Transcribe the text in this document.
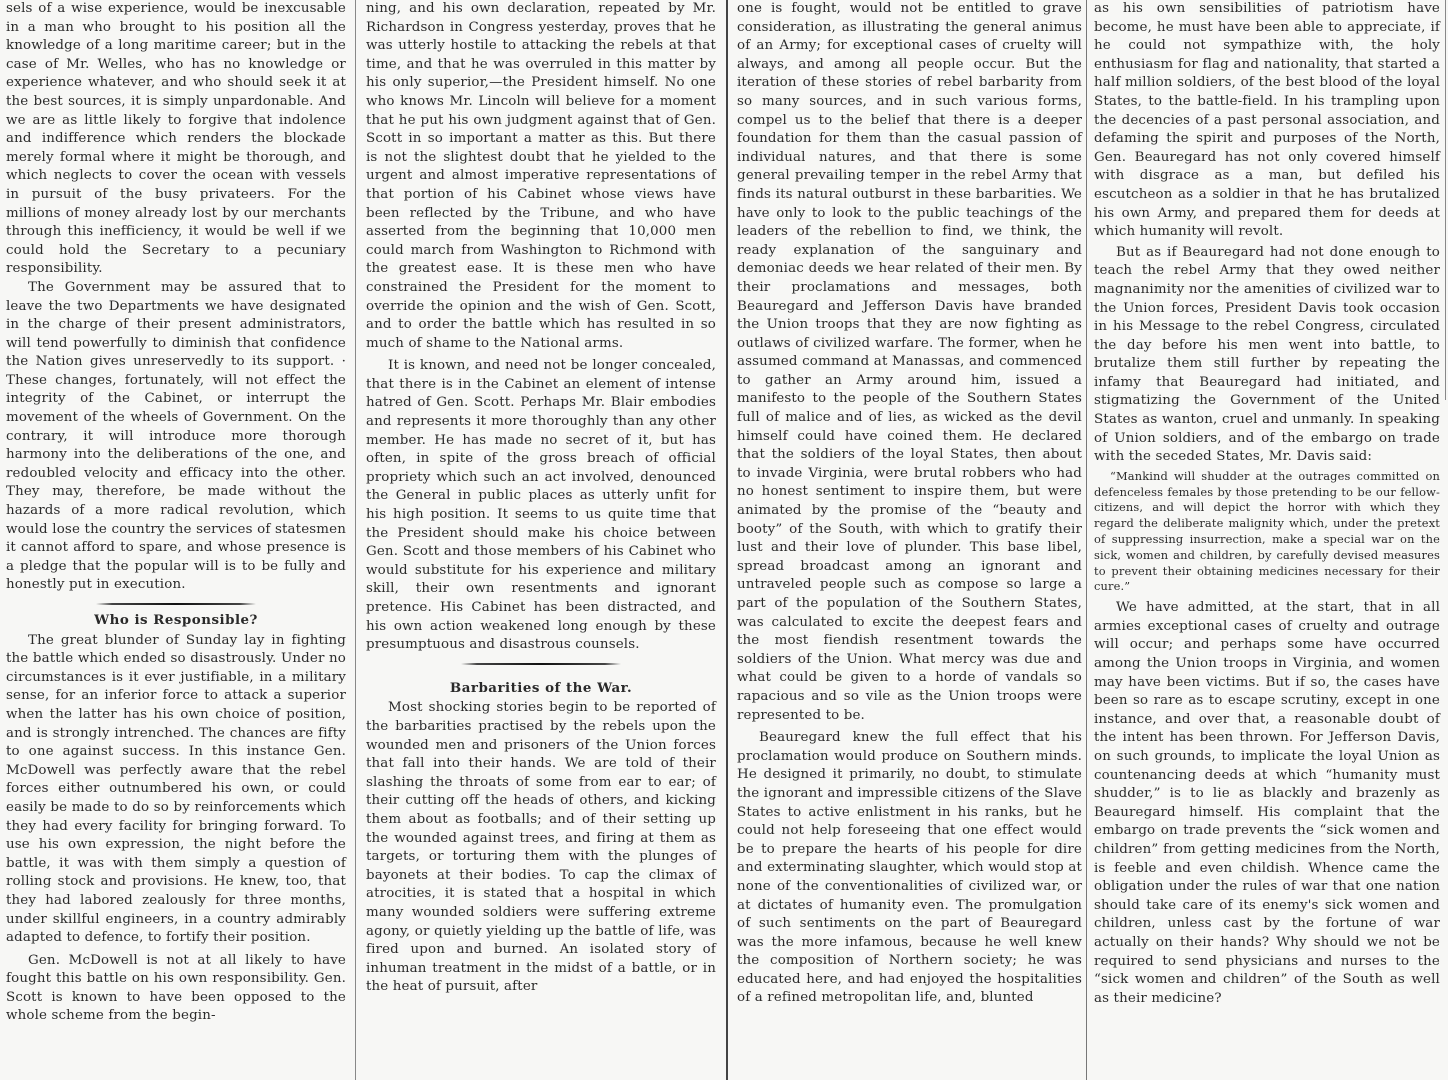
sels of a wise experience, would be inexcusable in a man who brought to his position all the knowledge of a long maritime career; but in the case of Mr. Welles, who has no knowledge or experience whatever, and who should seek it at the best sources, it is simply unpardonable. And we are as little likely to forgive that indolence and indifference which renders the blockade merely formal where it might be thorough, and which neglects to cover the ocean with vessels in pursuit of the busy privateers. For the millions of money already lost by our merchants through this inefficiency, it would be well if we could hold the Secretary to a pecuniary responsibility.

The Government may be assured that to leave the two Departments we have designated in the charge of their present administrators, will tend powerfully to diminish that confidence the Nation gives unreservedly to its support. · These changes, fortunately, will not effect the integrity of the Cabinet, or interrupt the movement of the wheels of Government. On the contrary, it will introduce more thorough harmony into the deliberations of the one, and redoubled velocity and efficacy into the other. They may, therefore, be made without the hazards of a more radical revolution, which would lose the country the services of statesmen it cannot afford to spare, and whose presence is a pledge that the popular will is to be fully and honestly put in execution.

Who is Responsible?

The great blunder of Sunday lay in fighting the battle which ended so disastrously. Under no circumstances is it ever justifiable, in a military sense, for an inferior force to attack a superior when the latter has his own choice of position, and is strongly intrenched. The chances are fifty to one against success. In this instance Gen. McDowell was perfectly aware that the rebel forces either outnumbered his own, or could easily be made to do so by reinforcements which they had every facility for bringing forward. To use his own expression, the night before the battle, it was with them simply a question of rolling stock and provisions. He knew, too, that they had labored zealously for three months, under skillful engineers, in a country admirably adapted to defence, to fortify their position.

Gen. McDowell is not at all likely to have fought this battle on his own responsibility. Gen. Scott is known to have been opposed to the whole scheme from the begin-

ning, and his own declaration, repeated by Mr. Richardson in Congress yesterday, proves that he was utterly hostile to attacking the rebels at that time, and that he was overruled in this matter by his only superior,—the President himself. No one who knows Mr. Lincoln will believe for a moment that he put his own judgment against that of Gen. Scott in so important a matter as this. But there is not the slightest doubt that he yielded to the urgent and almost imperative representations of that portion of his Cabinet whose views have been reflected by the Tribune, and who have asserted from the beginning that 10,000 men could march from Washington to Richmond with the greatest ease. It is these men who have constrained the President for the moment to override the opinion and the wish of Gen. Scott, and to order the battle which has resulted in so much of shame to the National arms.

It is known, and need not be longer concealed, that there is in the Cabinet an element of intense hatred of Gen. Scott. Perhaps Mr. Blair embodies and represents it more thoroughly than any other member. He has made no secret of it, but has often, in spite of the gross breach of official propriety which such an act involved, denounced the General in public places as utterly unfit for his high position. It seems to us quite time that the President should make his choice between Gen. Scott and those members of his Cabinet who would substitute for his experience and military skill, their own resentments and ignorant pretence. His Cabinet has been distracted, and his own action weakened long enough by these presumptuous and disastrous counsels.

Barbarities of the War.

Most shocking stories begin to be reported of the barbarities practised by the rebels upon the wounded men and prisoners of the Union forces that fall into their hands. We are told of their slashing the throats of some from ear to ear; of their cutting off the heads of others, and kicking them about as footballs; and of their setting up the wounded against trees, and firing at them as targets, or torturing them with the plunges of bayonets at their bodies. To cap the climax of atrocities, it is stated that a hospital in which many wounded soldiers were suffering extreme agony, or quietly yielding up the battle of life, was fired upon and burned. An isolated story of inhuman treatment in the midst of a battle, or in the heat of pursuit, after

one is fought, would not be entitled to grave consideration, as illustrating the general animus of an Army; for exceptional cases of cruelty will always, and among all people occur. But the iteration of these stories of rebel barbarity from so many sources, and in such various forms, compel us to the belief that there is a deeper foundation for them than the casual passion of individual natures, and that there is some general prevailing temper in the rebel Army that finds its natural outburst in these barbarities. We have only to look to the public teachings of the leaders of the rebellion to find, we think, the ready explanation of the sanguinary and demoniac deeds we hear related of their men. By their proclamations and messages, both Beauregard and Jefferson Davis have branded the Union troops that they are now fighting as outlaws of civilized warfare. The former, when he assumed command at Manassas, and commenced to gather an Army around him, issued a manifesto to the people of the Southern States full of malice and of lies, as wicked as the devil himself could have coined them. He declared that the soldiers of the loyal States, then about to invade Virginia, were brutal robbers who had no honest sentiment to inspire them, but were animated by the promise of the “beauty and booty” of the South, with which to gratify their lust and their love of plunder. This base libel, spread broadcast among an ignorant and untraveled people such as compose so large a part of the population of the Southern States, was calculated to excite the deepest fears and the most fiendish resentment towards the soldiers of the Union. What mercy was due and what could be given to a horde of vandals so rapacious and so vile as the Union troops were represented to be.

Beauregard knew the full effect that his proclamation would produce on Southern minds. He designed it primarily, no doubt, to stimulate the ignorant and impressible citizens of the Slave States to active enlistment in his ranks, but he could not help foreseeing that one effect would be to prepare the hearts of his people for dire and exterminating slaughter, which would stop at none of the conventionalities of civilized war, or at dictates of humanity even. The promulgation of such sentiments on the part of Beauregard was the more infamous, because he well knew the composition of Northern society; he was educated here, and had enjoyed the hospitalities of a refined metropolitan life, and, blunted

as his own sensibilities of patriotism have become, he must have been able to appreciate, if he could not sympathize with, the holy enthusiasm for flag and nationality, that started a half million soldiers, of the best blood of the loyal States, to the battle-field. In his trampling upon the decencies of a past personal association, and defaming the spirit and purposes of the North, Gen. Beauregard has not only covered himself with disgrace as a man, but defiled his escutcheon as a soldier in that he has brutalized his own Army, and prepared them for deeds at which humanity will revolt.

But as if Beauregard had not done enough to teach the rebel Army that they owed neither magnanimity nor the amenities of civilized war to the Union forces, President Davis took occasion in his Message to the rebel Congress, circulated the day before his men went into battle, to brutalize them still further by repeating the infamy that Beauregard had initiated, and stigmatizing the Government of the United States as wanton, cruel and unmanly. In speaking of Union soldiers, and of the embargo on trade with the seceded States, Mr. Davis said:

“Mankind will shudder at the outrages committed on defenceless females by those pretending to be our fellow-citizens, and will depict the horror with which they regard the deliberate malignity which, under the pretext of suppressing insurrection, make a special war on the sick, women and children, by carefully devised measures to prevent their obtaining medicines necessary for their cure.”

We have admitted, at the start, that in all armies exceptional cases of cruelty and outrage will occur; and perhaps some have occurred among the Union troops in Virginia, and women may have been victims. But if so, the cases have been so rare as to escape scrutiny, except in one instance, and over that, a reasonable doubt of the intent has been thrown. For Jefferson Davis, on such grounds, to implicate the loyal Union as countenancing deeds at which “humanity must shudder,” is to lie as blackly and brazenly as Beauregard himself. His complaint that the embargo on trade prevents the “sick women and children” from getting medicines from the North, is feeble and even childish. Whence came the obligation under the rules of war that one nation should take care of its enemy's sick women and children, unless cast by the fortune of war actually on their hands? Why should we not be required to send physicians and nurses to the “sick women and children” of the South as well as their medicine?
